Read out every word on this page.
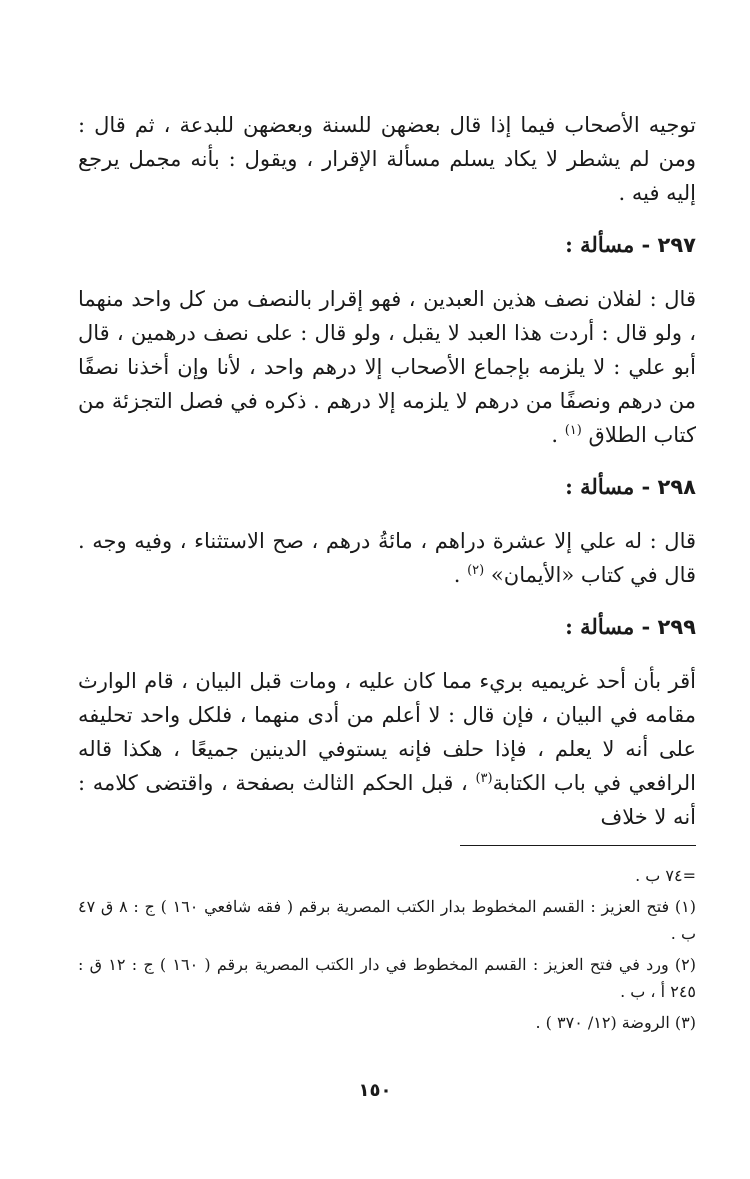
توجيه الأصحاب فيما إذا قال بعضهن للسنة وبعضهن للبدعة ، ثم قال : ومن لم يشطر لا يكاد يسلم مسألة الإقرار ، ويقول : بأنه مجمل يرجع إليه فيه .

٢٩٧ - مسألة :

قال : لفلان نصف هذين العبدين ، فهو إقرار بالنصف من كل واحد منهما ، ولو قال : أردت هذا العبد لا يقبل ، ولو قال : على نصف درهمين ، قال أبو علي : لا يلزمه بإجماع الأصحاب إلا درهم واحد ، لأنا وإن أخذنا نصفًا من درهم ونصفًا من درهم لا يلزمه إلا درهم . ذكره في فصل التجزئة من كتاب الطلاق $^{(١)}$ .

٢٩٨ - مسألة :

قال : له علي إلا عشرة دراهم ، مائةُ درهم ، صح الاستثناء ، وفيه وجه . قال في كتاب «الأيمان» $^{(٢)}$ .

٢٩٩ - مسألة :

أقر بأن أحد غريميه بريء مما كان عليه ، ومات قبل البيان ، قام الوارث مقامه في البيان ، فإن قال : لا أعلم من أدى منهما ، فلكل واحد تحليفه على أنه لا يعلم ، فإذا حلف فإنه يستوفي الدينين جميعًا ، هكذا قاله الرافعي في باب الكتابة$^{(٣)}$ ، قبل الحكم الثالث بصفحة ، واقتضى كلامه : أنه لا خلاف

=٧٤ ب .

(١) فتح العزيز : القسم المخطوط بدار الكتب المصرية برقم ( فقه شافعي ١٦٠ ) ج : ٨ ق ٤٧ ب .

(٢) ورد في فتح العزيز : القسم المخطوط في دار الكتب المصرية برقم ( ١٦٠ ) ج : ١٢ ق : ٢٤٥ أ ، ب .

(٣) الروضة (١٢/ ٣٧٠ ) .

١٥٠
